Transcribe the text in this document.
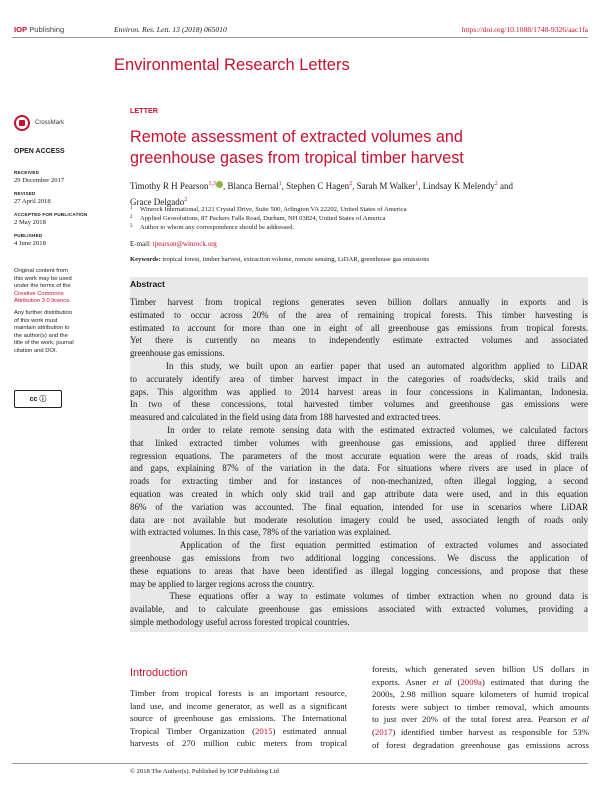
IOP Publishing	Environ. Res. Lett. 13 (2018) 065010	https://doi.org/10.1088/1748-9326/aac1fa
Environmental Research Letters
CrossMark
OPEN ACCESS
RECEIVED
29 December 2017
REVISED
27 April 2018
ACCEPTED FOR PUBLICATION
2 May 2018
PUBLISHED
4 June 2018
Original content from
this work may be used
under the terms of the
Creative Commons
Attribution 3.0 licence.
Any further distribution
of this work must
maintain attribution to
the author(s) and the
title of the work, journal
citation and DOI.
cc ⓘ
LETTER
Remote assessment of extracted volumes and
greenhouse gases from tropical timber harvest
Timothy R H Pearson$^{1,3}$ , Blanca Bernal$^1$, Stephen C Hagen$^2$, Sarah M Walker$^1$, Lindsay K Melendy$^2$ and
Grace Delgado$^2$
1 Winrock International, 2121 Crystal Drive, Suite 500, Arlington VA 22202, United States of America
2 Applied Geosolutions, 87 Packers Falls Road, Durham, NH 03824, United States of America
3 Author to whom any correspondence should be addressed.
E-mail: tpearson@winrock.org
Keywords: tropical forest, timber harvest, extraction volume, remote sensing, LiDAR, greenhouse gas emissions
Abstract
Timber harvest from tropical regions generates seven billion dollars annually in exports and is
estimated to occur across 20% of the area of remaining tropical forests. This timber harvesting is
estimated to account for more than one in eight of all greenhouse gas emissions from tropical forests.
Yet there is currently no means to independently estimate extracted volumes and associated
greenhouse gas emissions.
In this study, we built upon an earlier paper that used an automated algorithm applied to LiDAR
to accurately identify area of timber harvest impact in the categories of roads/decks, skid trails and
gaps. This algorithm was applied to 2014 harvest areas in four concessions in Kalimantan, Indonesia.
In two of these concessions, total harvested timber volumes and greenhouse gas emissions were
measured and calculated in the field using data from 188 harvested and extracted trees.
In order to relate remote sensing data with the estimated extracted volumes, we calculated factors
that linked extracted timber volumes with greenhouse gas emissions, and applied three different
regression equations. The parameters of the most accurate equation were the areas of roads, skid trails
and gaps, explaining 87% of the variation in the data. For situations where rivers are used in place of
roads for extracting timber and for instances of non-mechanized, often illegal logging, a second
equation was created in which only skid trail and gap attribute data were used, and in this equation
86% of the variation was accounted. The final equation, intended for use in scenarios where LiDAR
data are not available but moderate resolution imagery could be used, associated length of roads only
with extracted volumes. In this case, 78% of the variation was explained.
Application of the first equation permitted estimation of extracted volumes and associated
greenhouse gas emissions from two additional logging concessions. We discuss the application of
these equations to areas that have been identified as illegal logging concessions, and propose that these
may be applied to larger regions across the country.
These equations offer a way to estimate volumes of timber extraction when no ground data is
available, and to calculate greenhouse gas emissions associated with extracted volumes, providing a
simple methodology useful across forested tropical countries.
Introduction
Timber from tropical forests is an important resource,
land use, and income generator, as well as a significant
source of greenhouse gas emissions. The International
Tropical Timber Organization (2015) estimated annual
harvests of 270 million cubic meters from tropical
forests, which generated seven billion US dollars in
exports. Asner et al (2009a) estimated that during the
2000s, 2.98 million square kilometers of humid tropical
forests were subject to timber removal, which amounts
to just over 20% of the total forest area. Pearson et al
(2017) identified timber harvest as responsible for 53%
of forest degradation greenhouse gas emissions across
© 2018 The Author(s). Published by IOP Publishing Ltd
